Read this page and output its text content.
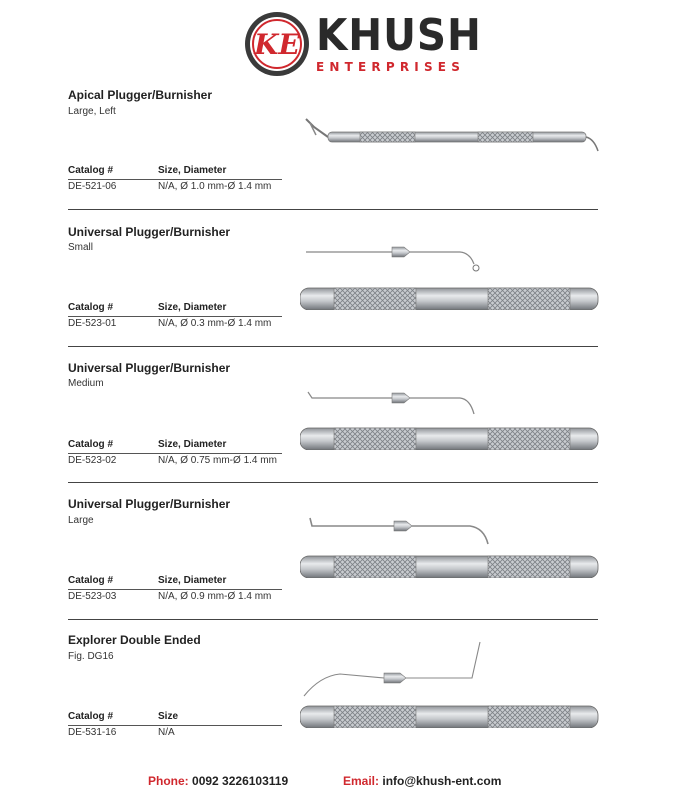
KE KHUSH
ENTERPRISES
Apical Plugger/Burnisher
Large, Left
Catalog #	Size, Diameter
DE-521-06	N/A, Ø 1.0 mm-Ø 1.4 mm
Universal Plugger/Burnisher
Small
Catalog #	Size, Diameter
DE-523-01	N/A, Ø 0.3 mm-Ø 1.4 mm
Universal Plugger/Burnisher
Medium
Catalog #	Size, Diameter
DE-523-02	N/A, Ø 0.75 mm-Ø 1.4 mm
Universal Plugger/Burnisher
Large
Catalog #	Size, Diameter
DE-523-03	N/A, Ø 0.9 mm-Ø 1.4 mm
Explorer Double Ended
Fig. DG16
Catalog #	Size
DE-531-16	N/A
Phone: 0092 3226103119	Email: info@khush-ent.com
